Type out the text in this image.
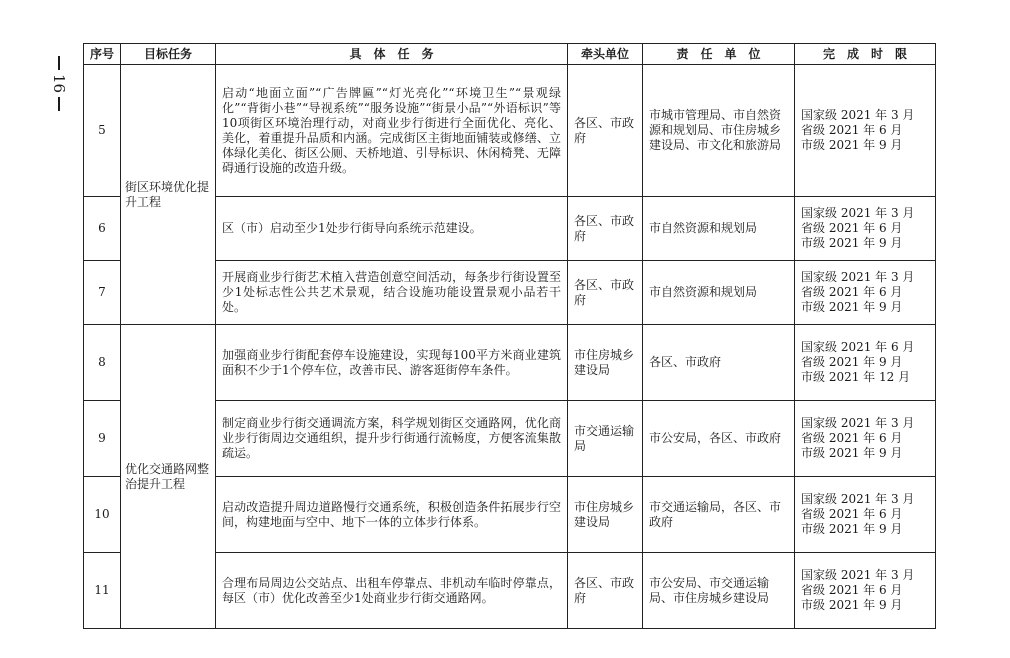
16
序号	目标任务	具　体　任　务	牵头单位	责　任　单　位	完　成　时　限
5	街区环境优化提升工程	启动“地面立面”“广告牌匾”“灯光亮化”“环境卫生”“景观绿化”“背街小巷”“导视系统”“服务设施”“街景小品”“外语标识”等10项街区环境治理行动，对商业步行街进行全面优化、亮化、美化，着重提升品质和内涵。完成街区主街地面铺装或修缮、立体绿化美化、街区公厕、天桥地道、引导标识、休闲椅凳、无障碍通行设施的改造升级。	各区、市政府	市城市管理局、市自然资源和规划局、市住房城乡建设局、市文化和旅游局	国家级 2021 年 3 月
省级 2021 年 6 月
市级 2021 年 9 月

6		区（市）启动至少1处步行街导向系统示范建设。	各区、市政府	市自然资源和规划局	国家级 2021 年 3 月
省级 2021 年 6 月
市级 2021 年 9 月

7		开展商业步行街艺术植入营造创意空间活动，每条步行街设置至少1处标志性公共艺术景观，结合设施功能设置景观小品若干处。	各区、市政府	市自然资源和规划局	国家级 2021 年 3 月
省级 2021 年 6 月
市级 2021 年 9 月

8	优化交通路网整治提升工程	加强商业步行街配套停车设施建设，实现每100平方米商业建筑面积不少于1个停车位，改善市民、游客逛街停车条件。	市住房城乡建设局	各区、市政府	国家级 2021 年 6 月
省级 2021 年 9 月
市级 2021 年 12 月

9		制定商业步行街交通调流方案，科学规划街区交通路网，优化商业步行街周边交通组织，提升步行街通行流畅度，方便客流集散疏运。	市交通运输局	市公安局，各区、市政府	国家级 2021 年 3 月
省级 2021 年 6 月
市级 2021 年 9 月

10		启动改造提升周边道路慢行交通系统，积极创造条件拓展步行空间，构建地面与空中、地下一体的立体步行体系。	市住房城乡建设局	市交通运输局，各区、市政府	国家级 2021 年 3 月
省级 2021 年 6 月
市级 2021 年 9 月

11		合理布局周边公交站点、出租车停靠点、非机动车临时停靠点，每区（市）优化改善至少1处商业步行街交通路网。	各区、市政府	市公安局、市交通运输局、市住房城乡建设局	国家级 2021 年 3 月
省级 2021 年 6 月
市级 2021 年 9 月
